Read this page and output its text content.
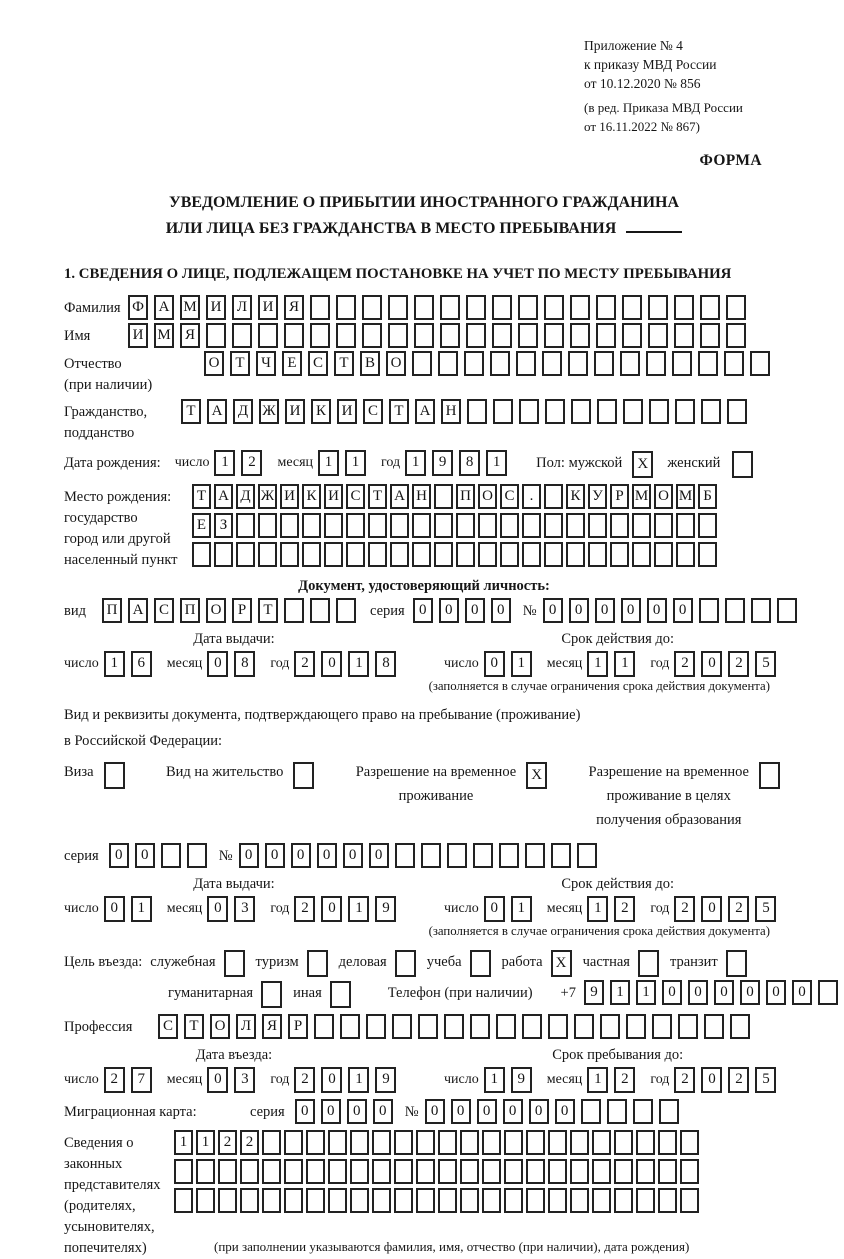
Приложение № 4
к приказу МВД России
от 10.12.2020 № 856
(в ред. Приказа МВД России
от 16.11.2022 № 867)
ФОРМА
УВЕДОМЛЕНИЕ О ПРИБЫТИИ ИНОСТРАННОГО ГРАЖДАНИНА
ИЛИ ЛИЦА БЕЗ ГРАЖДАНСТВА В МЕСТО ПРЕБЫВАНИЯ
1. СВЕДЕНИЯ О ЛИЦЕ, ПОДЛЕЖАЩЕМ ПОСТАНОВКЕ НА УЧЕТ ПО МЕСТУ ПРЕБЫВАНИЯ
Фамилия Ф А М И	Л	И	Я
Имя	И М Я
Отчество
(при наличии)
О	Т	Ч	Е	С	Т	В	О
Гражданство,
подданство
Т	А	Д Ж И	К	И	С	Т	А	Н
Дата рождения: число 1	2	месяц 1	1	год 1	9	8	1	Пол: мужской	X	женский
Место рождения:
государство
город или другой
населенный пункт
Т А Д Ж И К И С Т А Н П О С	.	К У Р М О М Б
Е З
Документ, удостоверяющий личность:
вид	П	А	С	П	О	Р	Т	серия 0	0	0	0	№ 0	0	0	0	0	0
Дата выдачи:
число 1	6	месяц 0	8	год 2	0	1	8
Срок действия до:
число 0	1	месяц 1	1	год 2	0	2	5
(заполняется в случае ограничения срока действия документа)
Вид и реквизиты документа, подтверждающего право на пребывание (проживание)
в Российской Федерации:
Виза	Вид на жительство	Разрешение на временное
проживание
X	Разрешение на временное
проживание в целях
получения образования
серия	0	0	№ 0	0	0	0	0	0
Дата выдачи:
число 0	1	месяц 0	3	год 2	0	1	9
Срок действия до:
число 0	1	месяц 1	2	год 2	0	2	5
(заполняется в случае ограничения срока действия документа)
Цель въезда: служебная	туризм	деловая	учеба	работа X	частная	транзит
гуманитарная	иная	Телефон (при наличии) +7 9	1	1	0	0	0	0	0	0
Профессия	С	Т	О	Л	Я	Р
Дата въезда:
число 2	7	месяц 0	3	год 2	0	1	9
Срок пребывания до:
число 1	9	месяц 1	2	год 2	0	2	5
Миграционная карта:	серия	0	0	0	0	№ 0	0	0	0	0	0
Сведения о
законных
представителях
(родителях,
усыновителях,
попечителях)
1 1 2 2
(при заполнении указываются фамилия, имя, отчество (при наличии), дата рождения)
